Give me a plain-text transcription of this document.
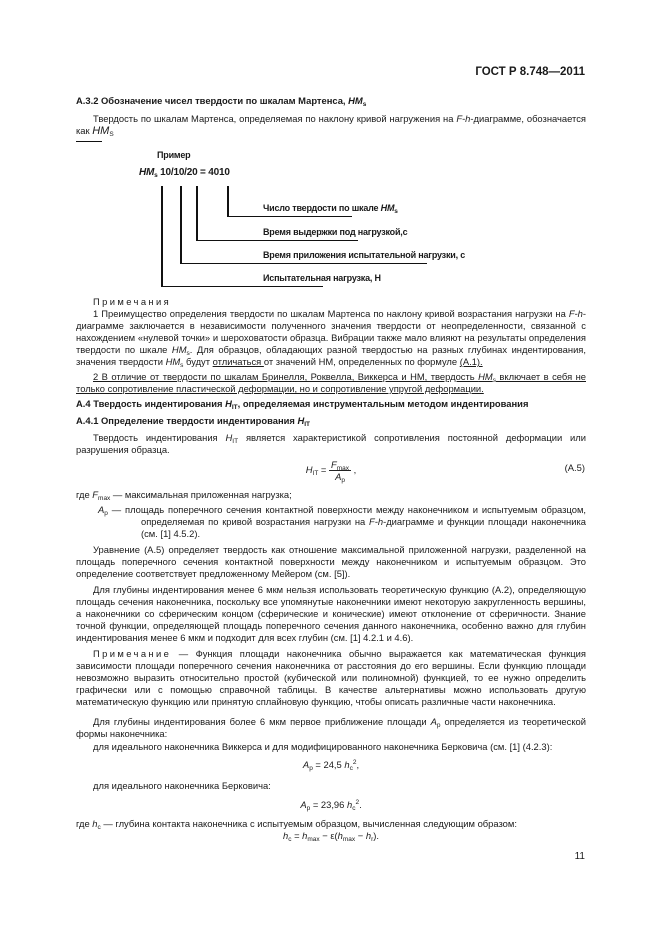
ГОСТ Р 8.748—2011
А.3.2 Обозначение чисел твердости по шкалам Мартенса, $HM_s$
Твердость по шкалам Мартенса, определяемая по наклону кривой нагружения на F-h-диаграмме, обозначается как $HM_S$
Пример
$HM_s$ 10/10/20 = 4010
Число твердости по шкале $HM_s$
Время выдержки под нагрузкой,с
Время приложения испытательной нагрузки, с
Испытательная нагрузка, Н
Примечания
1 Преимущество определения твердости по шкалам Мартенса по наклону кривой возрастания нагрузки на F-h-диаграмме заключается в независимости полученного значения твердости от неопределенности, связанной с нахождением «нулевой точки» и шероховатости образца. Вибрации также мало влияют на результаты определения твердости по шкале $HM_s$. Для образцов, обладающих разной твердостью на разных глубинах индентирования, значения твердости $HM_s$ будут отличаться от значений НМ, определенных по формуле (А.1).
2 В отличие от твердости по шкалам Бринелля, Роквелла, Виккерса и НМ, твердость $HM_s$ включает в себя не только сопротивление пластической деформации, но и сопротивление упругой деформации.
А.4 Твердость индентирования $H_{IT}$, определяемая инструментальным методом индентирования
А.4.1 Определение твердости индентирования $H_{IT}$
Твердость индентирования $H_{IT}$ является характеристикой сопротивления постоянной деформации или разрушения образца.
$H_{IT} = \frac{F_{max}}{A_p}$ ,	(А.5)
где $F_{max}$ — максимальная приложенная нагрузка;
$A_p$ — площадь поперечного сечения контактной поверхности между наконечником и испытуемым образцом, определяемая по кривой возрастания нагрузки на F-h-диаграмме и функции площади наконечника (см. [1] 4.5.2).
Уравнение (А.5) определяет твердость как отношение максимальной приложенной нагрузки, разделенной на площадь поперечного сечения контактной поверхности между наконечником и испытуемым образцом. Это определение соответствует предложенному Мейером (см. [5]).
Для глубины индентирования менее 6 мкм нельзя использовать теоретическую функцию (А.2), определяющую площадь сечения наконечника, поскольку все упомянутые наконечники имеют некоторую закругленность вершины, а наконечники со сферическим концом (сферические и конические) имеют отклонение от сферичности. Знание точной функции, определяющей площадь поперечного сечения данного наконечника, особенно важно для глубин индентирования менее 6 мкм и подходит для всех глубин (см. [1] 4.2.1 и 4.6).
Примечание — Функция площади наконечника обычно выражается как математическая функция зависимости площади поперечного сечения наконечника от расстояния до его вершины. Если функцию площади невозможно выразить относительно простой (кубической или полиномной) функцией, то ее нужно определить графически или с помощью справочной таблицы. В качестве альтернативы можно использовать другую математическую функцию или принятую сплайновую функцию, чтобы описать различные части наконечника.
Для глубины индентирования более 6 мкм первое приближение площади $A_p$ определяется из теоретической формы наконечника:
для идеального наконечника Виккерса и для модифицированного наконечника Берковича (см. [1] (4.2.3):
$A_p = 24,5$ $h_c^2$,
для идеального наконечника Берковича:
$A_p = 23,96$ $h_c^2$.
где $h_c$ — глубина контакта наконечника с испытуемым образцом, вычисленная следующим образом:
$h_c = h_{max} - \varepsilon(h_{max} - h_r)$.
11
